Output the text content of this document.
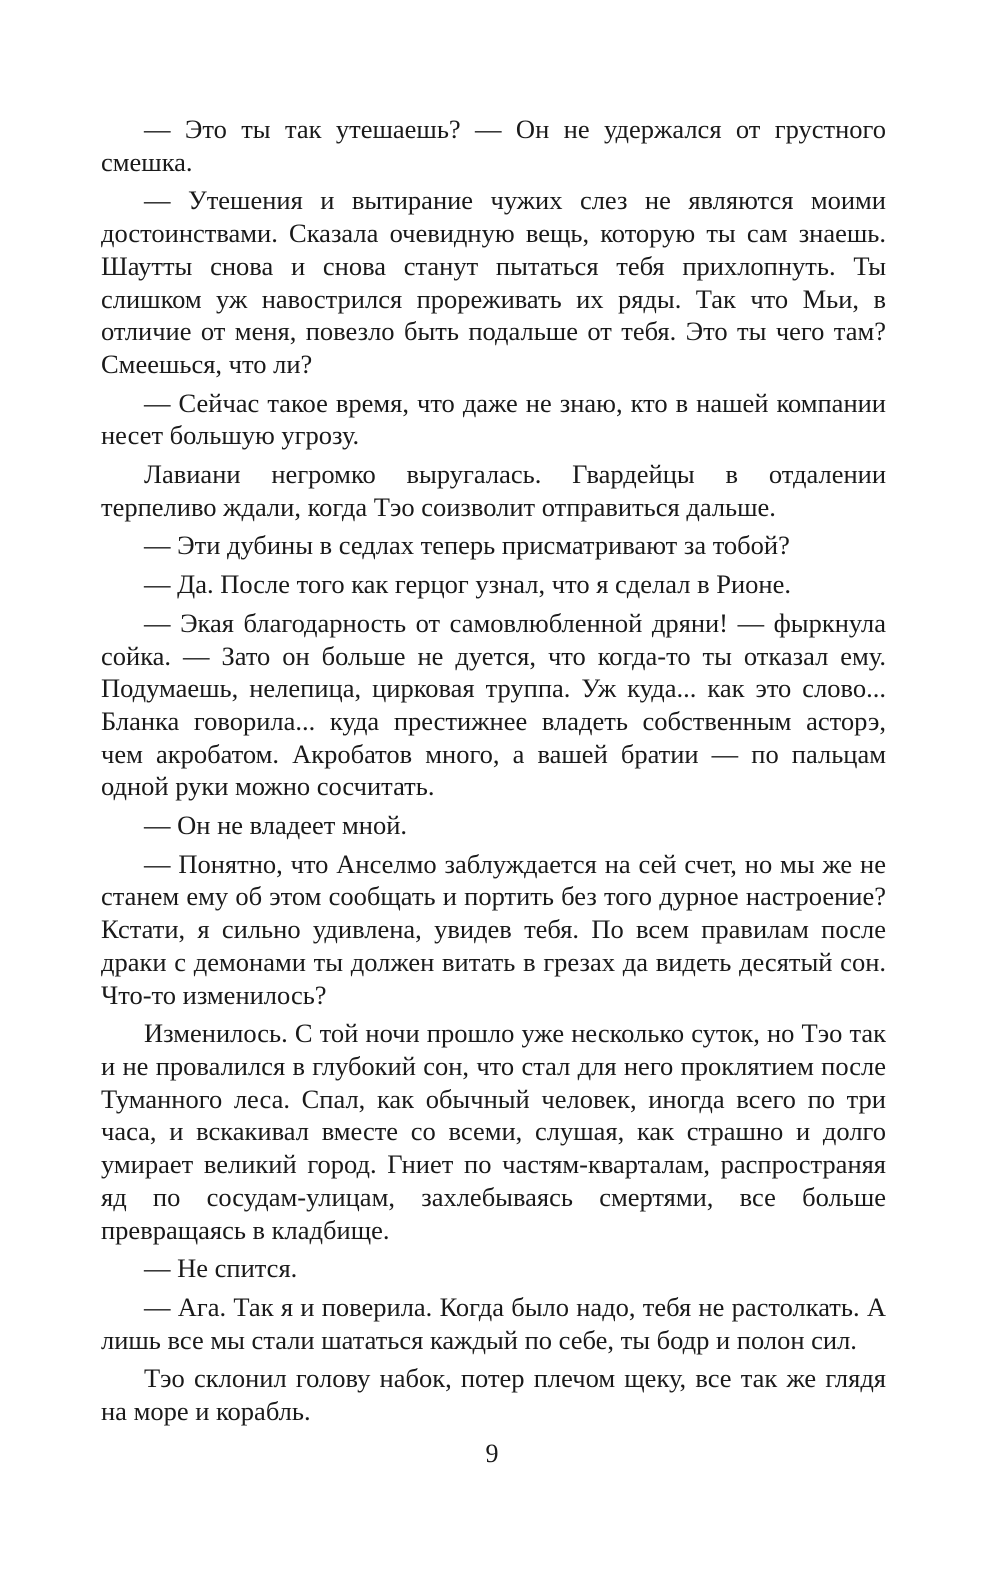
— Это ты так утешаешь? — Он не удержался от грустного смешка.

— Утешения и вытирание чужих слез не являются моими достоинствами. Сказала очевидную вещь, которую ты сам знаешь. Шаутты снова и снова станут пытаться тебя прихлопнуть. Ты слишком уж навострился прореживать их ряды. Так что Мьи, в отличие от меня, повезло быть подальше от тебя. Это ты чего там? Смеешься, что ли?

— Сейчас такое время, что даже не знаю, кто в нашей компании несет большую угрозу.

Лавиани негромко выругалась. Гвардейцы в отдалении терпеливо ждали, когда Тэо соизволит отправиться дальше.

— Эти дубины в седлах теперь присматривают за тобой?

— Да. После того как герцог узнал, что я сделал в Рионе.

— Экая благодарность от самовлюбленной дряни! — фыркнула сойка. — Зато он больше не дуется, что когда-то ты отказал ему. Подумаешь, нелепица, цирковая труппа. Уж куда... как это слово... Бланка говорила... куда престижнее владеть собственным асторэ, чем акробатом. Акробатов много, а вашей братии — по пальцам одной руки можно сосчитать.

— Он не владеет мной.

— Понятно, что Анселмо заблуждается на сей счет, но мы же не станем ему об этом сообщать и портить без того дурное настроение? Кстати, я сильно удивлена, увидев тебя. По всем правилам после драки с демонами ты должен витать в грезах да видеть десятый сон. Что-то изменилось?

Изменилось. С той ночи прошло уже несколько суток, но Тэо так и не провалился в глубокий сон, что стал для него проклятием после Туманного леса. Спал, как обычный человек, иногда всего по три часа, и вскакивал вместе со всеми, слушая, как страшно и долго умирает великий город. Гниет по частям-кварталам, распространяя яд по сосудам-улицам, захлебываясь смертями, все больше превращаясь в кладбище.

— Не спится.

— Ага. Так я и поверила. Когда было надо, тебя не растолкать. А лишь все мы стали шататься каждый по себе, ты бодр и полон сил.

Тэо склонил голову набок, потер плечом щеку, все так же глядя на море и корабль.

9
